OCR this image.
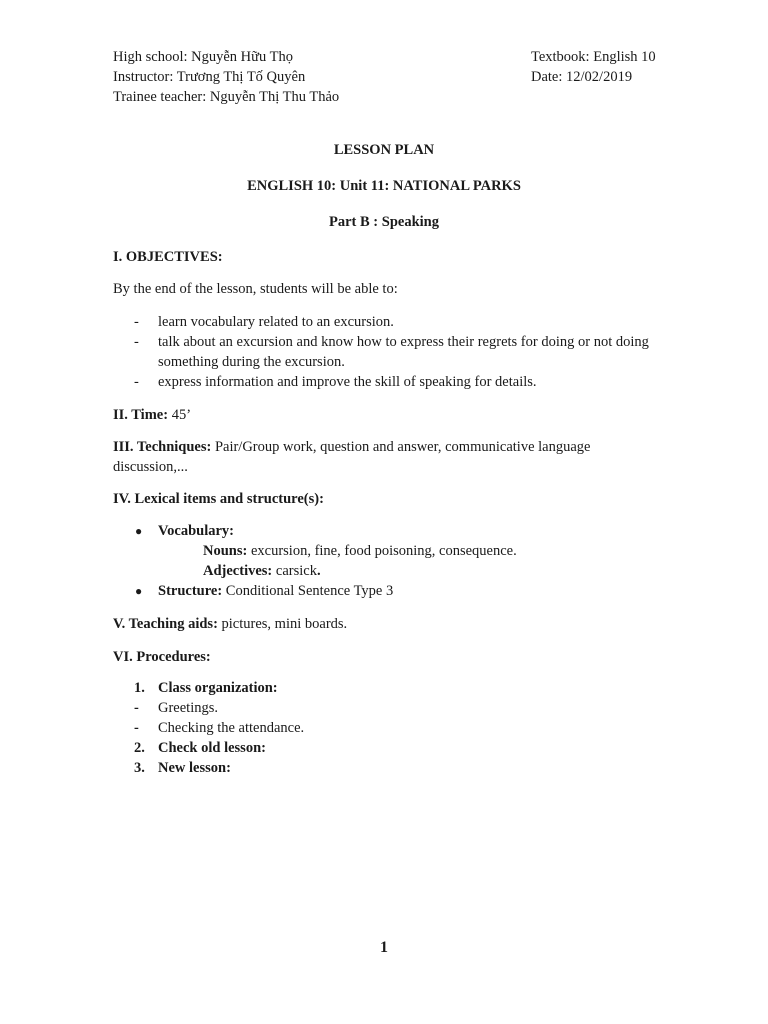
High school: Nguyễn Hữu Thọ	Textbook: English 10
Instructor: Trương Thị Tố Quyên	Date: 12/02/2019
Trainee teacher: Nguyễn Thị Thu Thảo
LESSON PLAN
ENGLISH 10: Unit 11: NATIONAL PARKS
Part B : Speaking
I. OBJECTIVES:
By the end of the lesson, students will be able to:
- learn vocabulary related to an excursion.
- talk about an excursion and know how to express their regrets for doing or not doing something during the excursion.
- express information and improve the skill of speaking for details.
II. Time: 45’
III. Techniques: Pair/Group work, question and answer, communicative language discussion,...
IV. Lexical items and structure(s):
● Vocabulary:
Nouns: excursion, fine, food poisoning, consequence.
Adjectives: carsick.
● Structure: Conditional Sentence Type 3
V. Teaching aids: pictures, mini boards.
VI. Procedures:
1. Class organization:
- Greetings.
- Checking the attendance.
2. Check old lesson:
3. New lesson:
1
